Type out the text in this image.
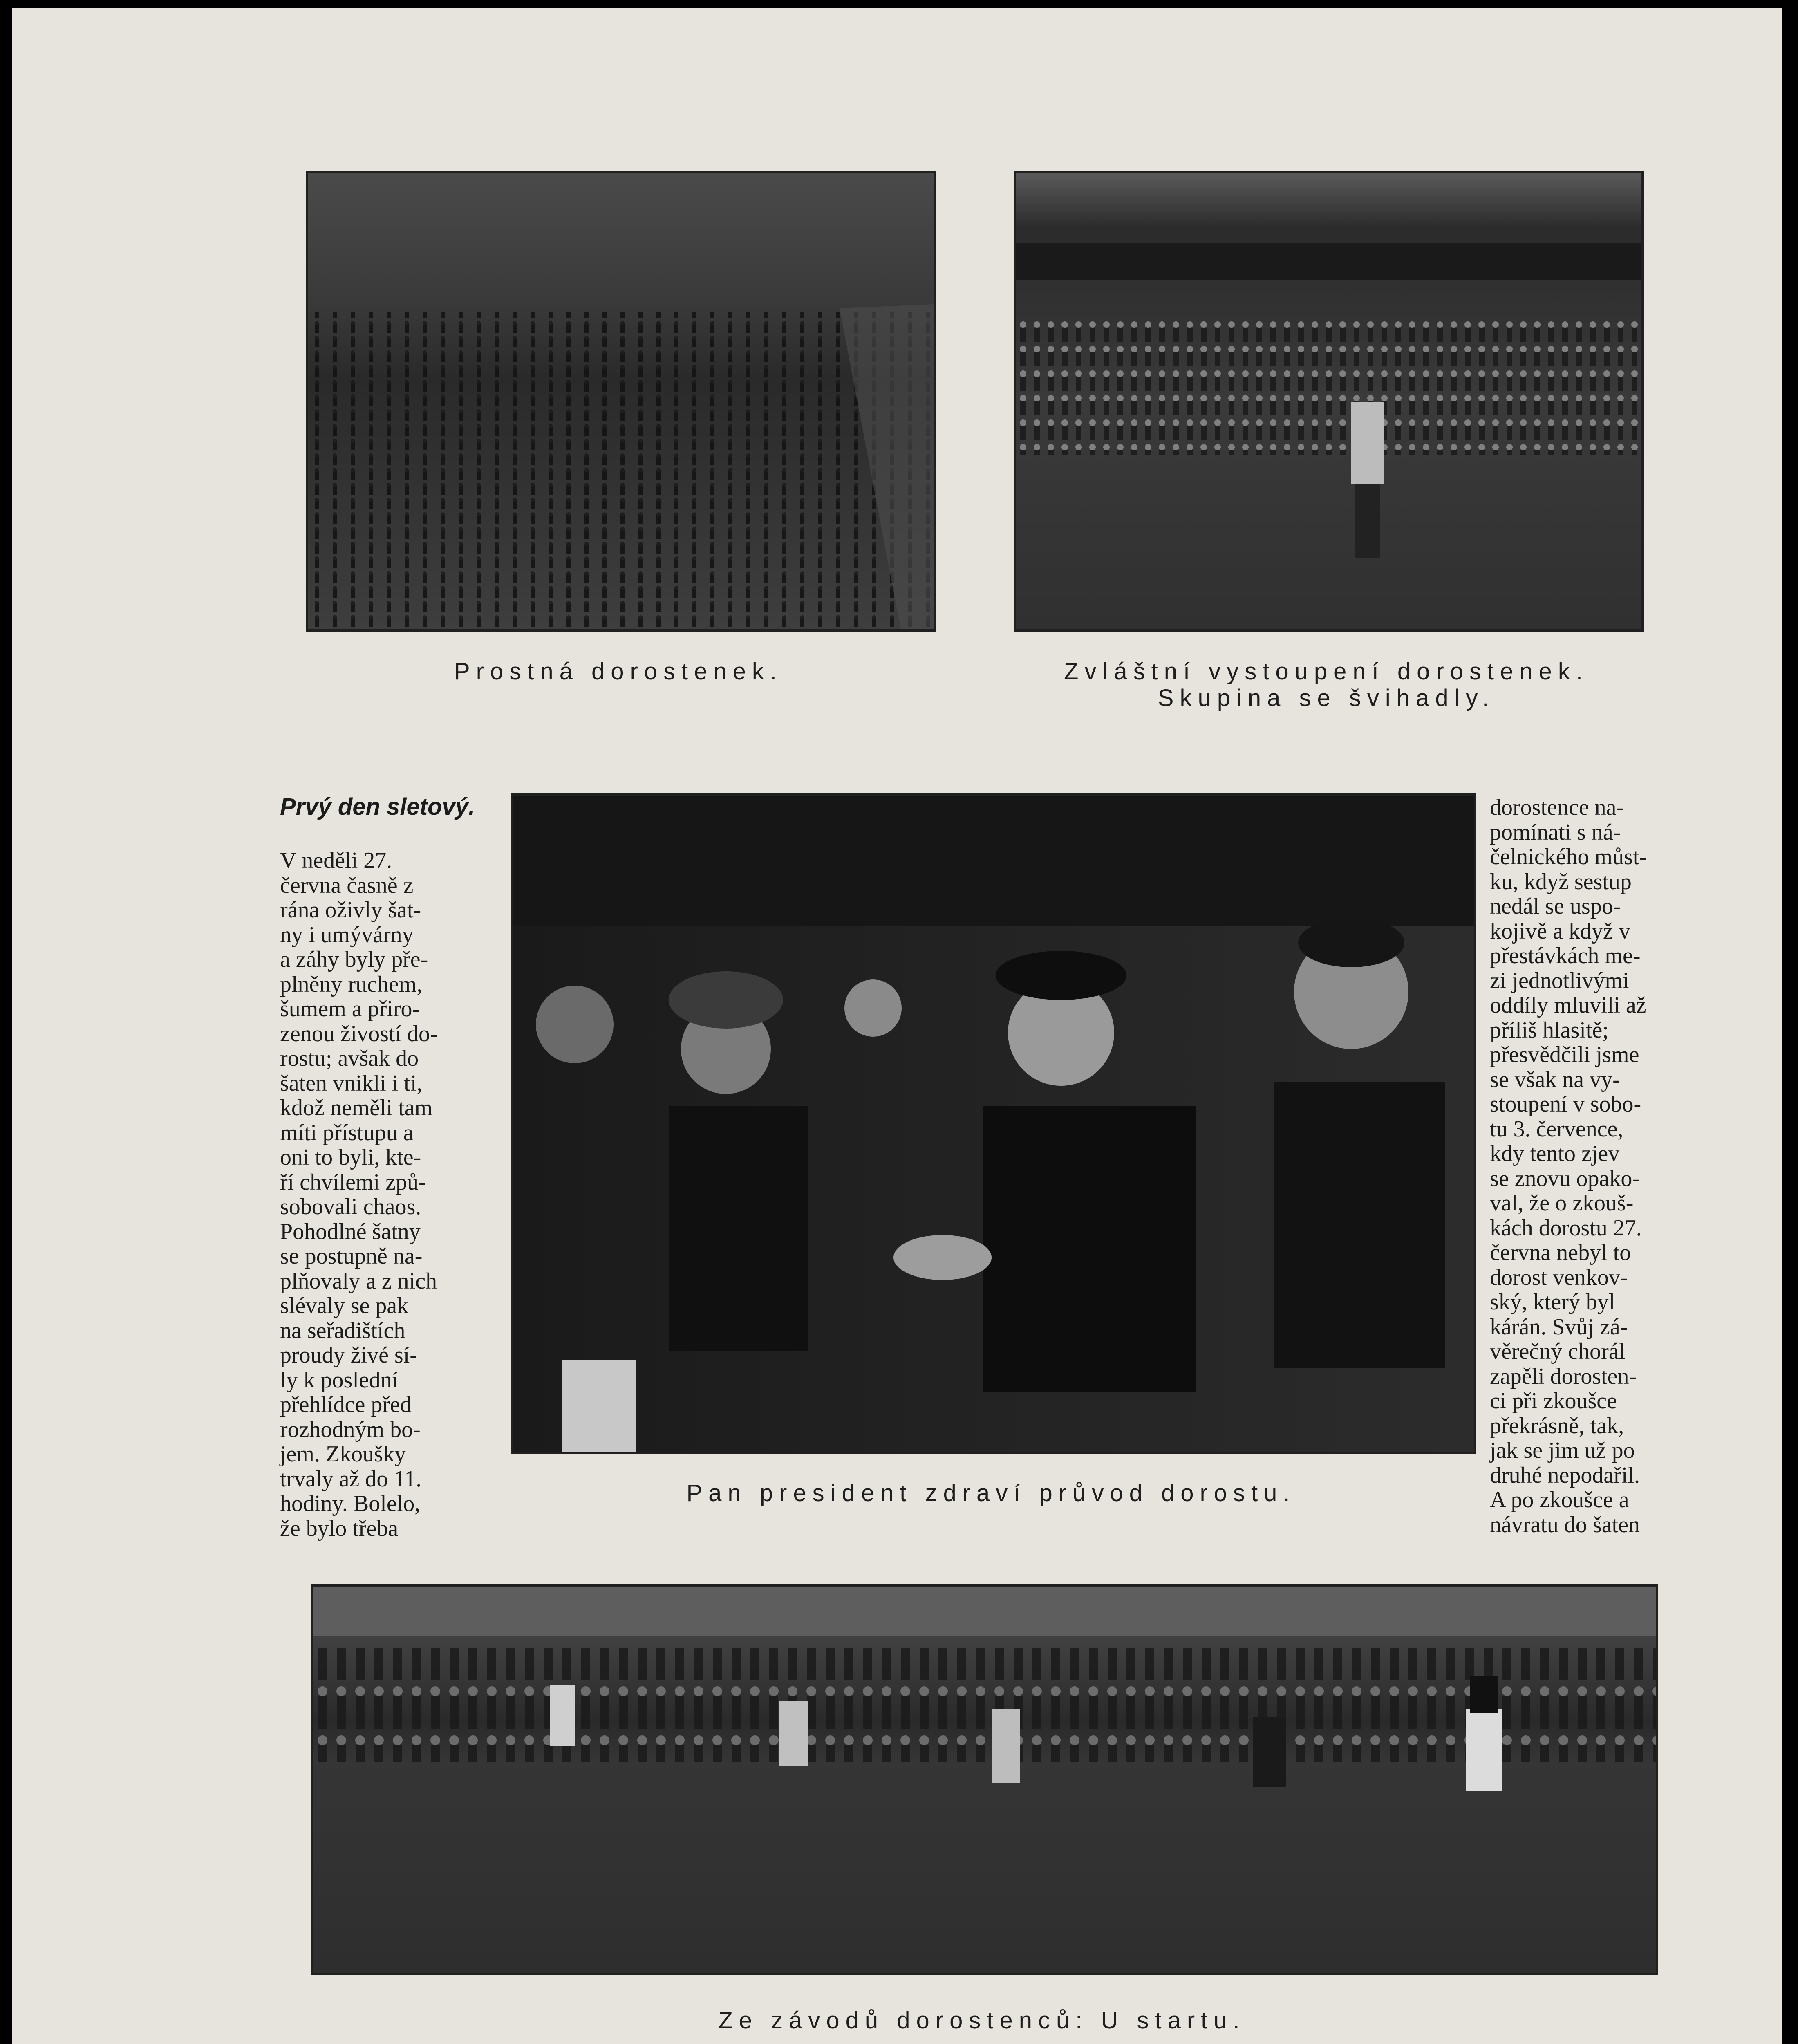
Prostná dorostenek.	Zvláštní vystoupení dorostenek.
Skupina se švihadly.
Prvý den sletový.
V neděli 27.
června časně z
rána oživly šat-
ny i umývárny
a záhy byly pře-
plněny ruchem,
šumem a přiro-
zenou živostí do-
rostu; avšak do
šaten vnikli i ti,
kdož neměli tam
míti přístupu a
oni to byli, kte-
ří chvílemi způ-
sobovali chaos.
Pohodlné šatny
se postupně na-
plňovaly a z nich
slévaly se pak
na seřadištích
proudy živé sí-
ly k poslední
přehlídce před
rozhodným bo-
jem. Zkoušky
trvaly až do 11.
hodiny. Bolelo,
že bylo třeba
Pan president zdraví průvod dorostu.
dorostence na-
pomínati s ná-
čelnického můst-
ku, když sestup
nedál se uspo-
kojivě a když v
přestávkách me-
zi jednotlivými
oddíly mluvili až
příliš hlasitě;
přesvědčili jsme
se však na vy-
stoupení v sobo-
tu 3. července,
kdy tento zjev
se znovu opako-
val, že o zkouš-
kách dorostu 27.
června nebyl to
dorost venkov-
ský, který byl
kárán. Svůj zá-
věrečný chorál
zapěli dorosten-
ci při zkoušce
překrásně, tak,
jak se jim už po
druhé nepodařil.
A po zkoušce a
návratu do šaten
Ze závodů dorostenců: U startu.
